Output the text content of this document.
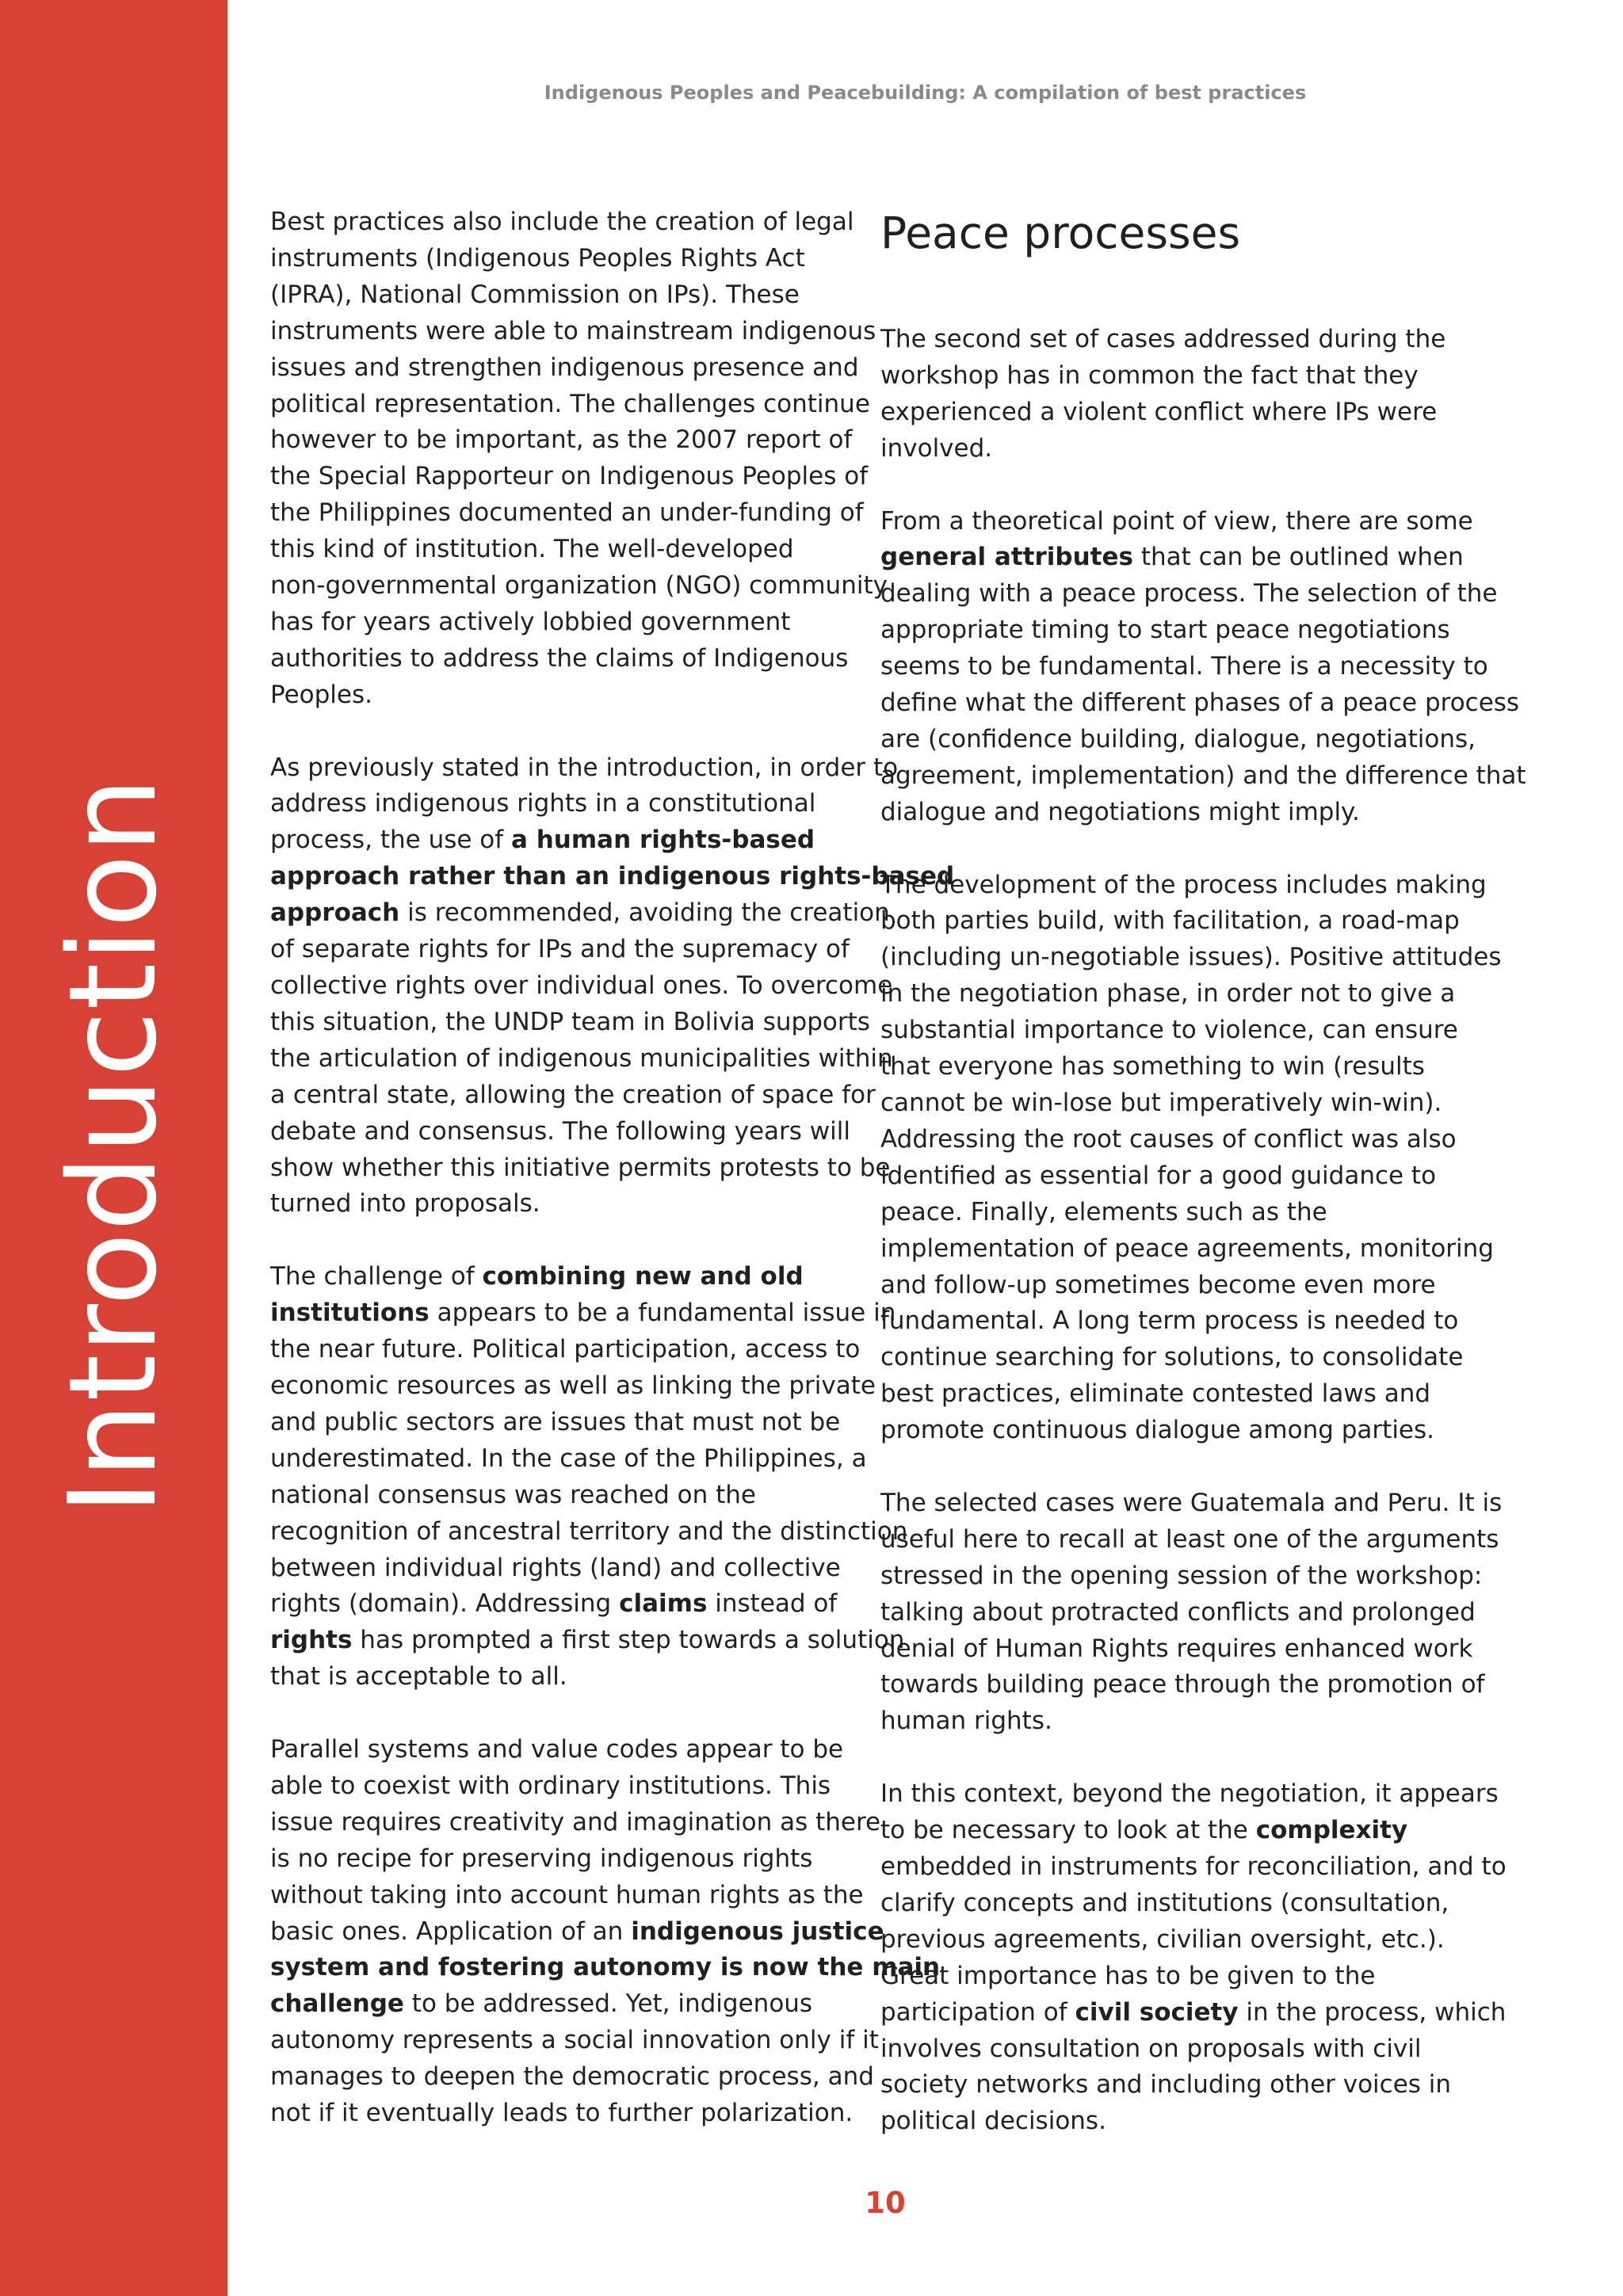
Introduction
Indigenous Peoples and Peacebuilding: A compilation of best practices
Best practices also include the creation of legal
instruments (Indigenous Peoples Rights Act
(IPRA), National Commission on IPs). These
instruments were able to mainstream indigenous
issues and strengthen indigenous presence and
political representation. The challenges continue
however to be important, as the 2007 report of
the Special Rapporteur on Indigenous Peoples of
the Philippines documented an under-funding of
this kind of institution. The well-developed
non-governmental organization (NGO) community
has for years actively lobbied government
authorities to address the claims of Indigenous
Peoples.
As previously stated in the introduction, in order to
address indigenous rights in a constitutional
process, the use of a human rights-based
approach rather than an indigenous rights-based
approach is recommended, avoiding the creation
of separate rights for IPs and the supremacy of
collective rights over individual ones. To overcome
this situation, the UNDP team in Bolivia supports
the articulation of indigenous municipalities within
a central state, allowing the creation of space for
debate and consensus. The following years will
show whether this initiative permits protests to be
turned into proposals.
The challenge of combining new and old
institutions appears to be a fundamental issue in
the near future. Political participation, access to
economic resources as well as linking the private
and public sectors are issues that must not be
underestimated. In the case of the Philippines, a
national consensus was reached on the
recognition of ancestral territory and the distinction
between individual rights (land) and collective
rights (domain). Addressing claims instead of
rights has prompted a first step towards a solution
that is acceptable to all.
Parallel systems and value codes appear to be
able to coexist with ordinary institutions. This
issue requires creativity and imagination as there
is no recipe for preserving indigenous rights
without taking into account human rights as the
basic ones. Application of an indigenous justice
system and fostering autonomy is now the main
challenge to be addressed. Yet, indigenous
autonomy represents a social innovation only if it
manages to deepen the democratic process, and
not if it eventually leads to further polarization.
Peace processes
The second set of cases addressed during the
workshop has in common the fact that they
experienced a violent conflict where IPs were
involved.
From a theoretical point of view, there are some
general attributes that can be outlined when
dealing with a peace process. The selection of the
appropriate timing to start peace negotiations
seems to be fundamental. There is a necessity to
define what the different phases of a peace process
are (confidence building, dialogue, negotiations,
agreement, implementation) and the difference that
dialogue and negotiations might imply.
The development of the process includes making
both parties build, with facilitation, a road-map
(including un-negotiable issues). Positive attitudes
in the negotiation phase, in order not to give a
substantial importance to violence, can ensure
that everyone has something to win (results
cannot be win-lose but imperatively win-win).
Addressing the root causes of conflict was also
identified as essential for a good guidance to
peace. Finally, elements such as the
implementation of peace agreements, monitoring
and follow-up sometimes become even more
fundamental. A long term process is needed to
continue searching for solutions, to consolidate
best practices, eliminate contested laws and
promote continuous dialogue among parties.
The selected cases were Guatemala and Peru. It is
useful here to recall at least one of the arguments
stressed in the opening session of the workshop:
talking about protracted conflicts and prolonged
denial of Human Rights requires enhanced work
towards building peace through the promotion of
human rights.
In this context, beyond the negotiation, it appears
to be necessary to look at the complexity
embedded in instruments for reconciliation, and to
clarify concepts and institutions (consultation,
previous agreements, civilian oversight, etc.).
Great importance has to be given to the
participation of civil society in the process, which
involves consultation on proposals with civil
society networks and including other voices in
political decisions.
10
